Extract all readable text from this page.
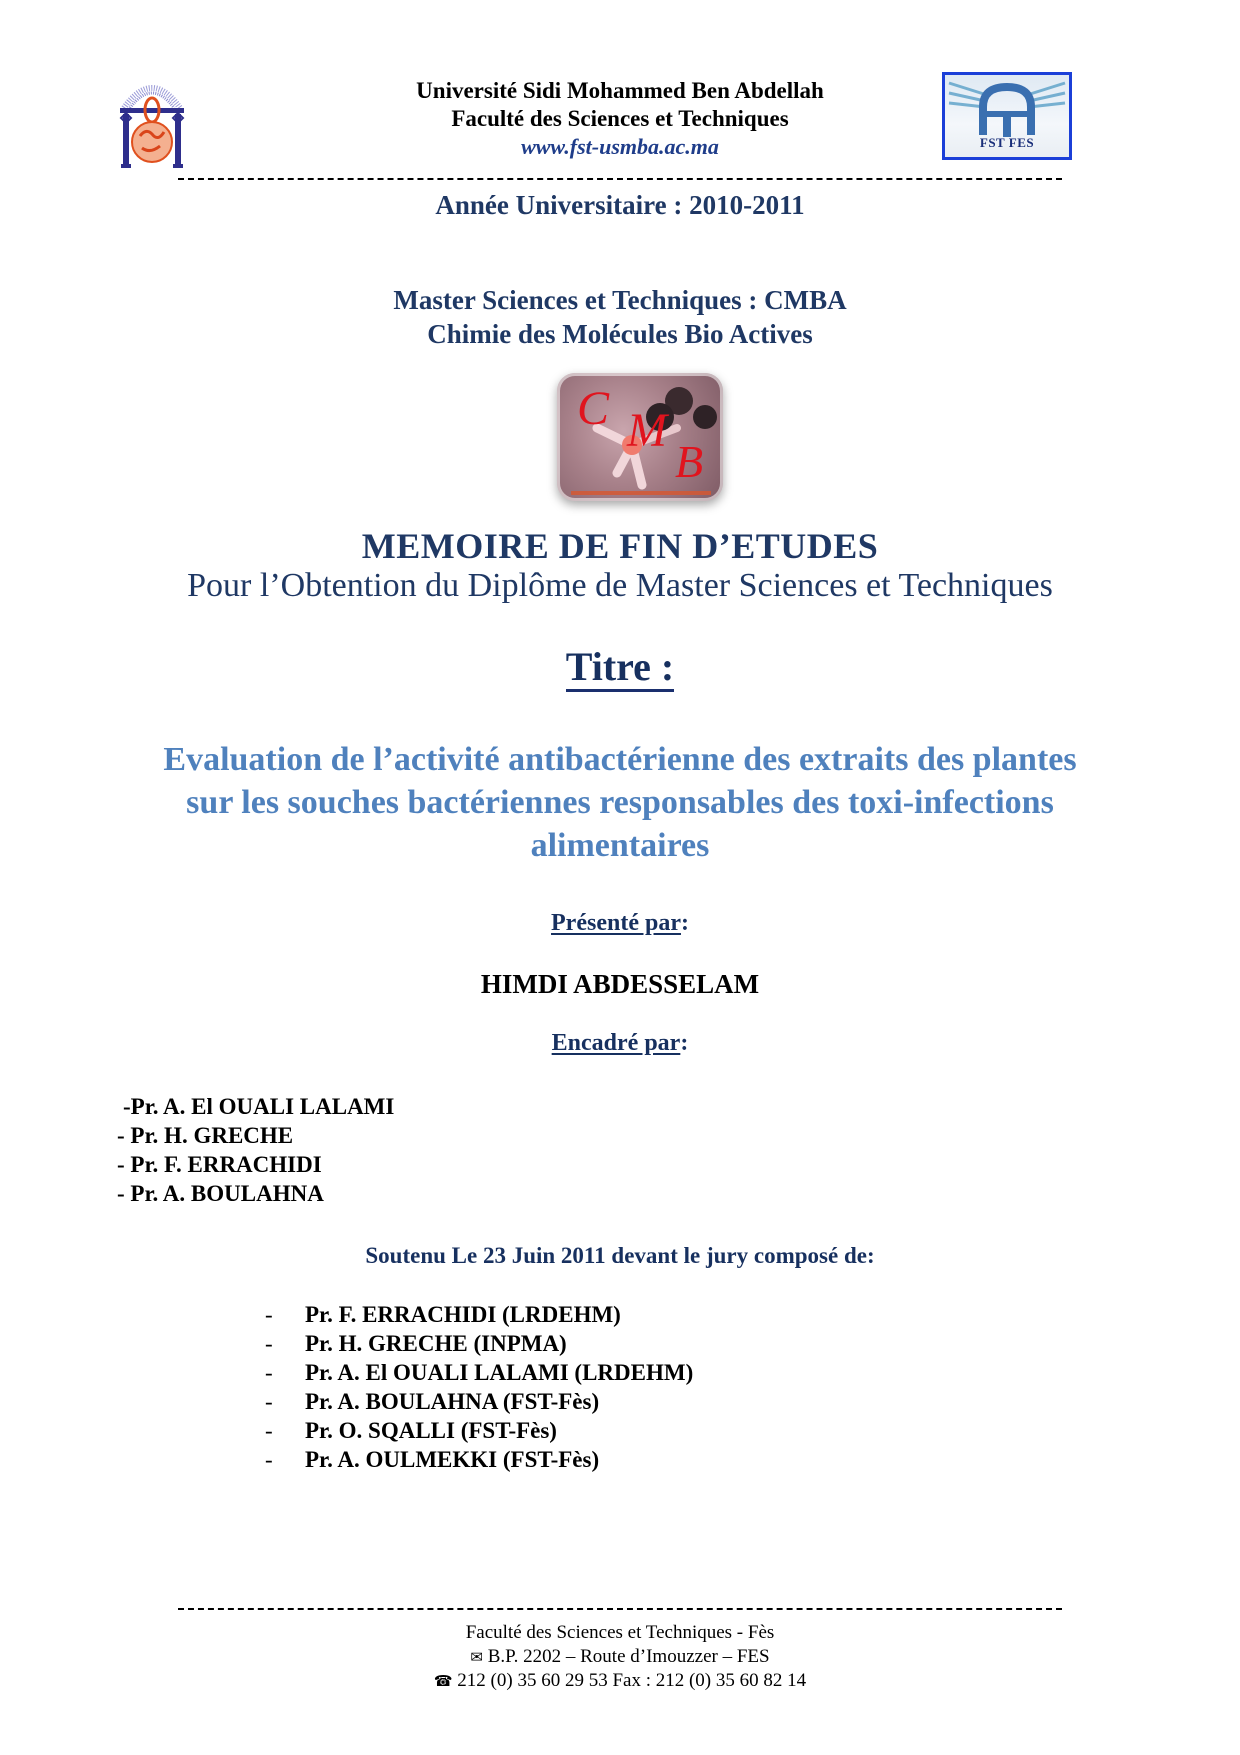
Université Sidi Mohammed Ben Abdellah
Faculté des Sciences et Techniques
www.fst-usmba.ac.ma	FST FES
Année Universitaire : 2010-2011
Master Sciences et Techniques : CMBA
Chimie des Molécules Bio Actives
C M
B
MEMOIRE DE FIN D’ETUDES
Pour l’Obtention du Diplôme de Master Sciences et Techniques
Titre :
Evaluation de l’activité antibactérienne des extraits des plantes
sur les souches bactériennes responsables des toxi-infections
alimentaires
Présenté par:
HIMDI ABDESSELAM
Encadré par:
-Pr. A. El OUALI LALAMI
- Pr. H. GRECHE
- Pr. F. ERRACHIDI
- Pr. A. BOULAHNA
Soutenu Le 23 Juin 2011 devant le jury composé de:
- Pr. F. ERRACHIDI (LRDEHM)
- Pr. H. GRECHE (INPMA)
- Pr. A. El OUALI LALAMI (LRDEHM)
- Pr. A. BOULAHNA (FST-Fès)
- Pr. O. SQALLI (FST-Fès)
- Pr. A. OULMEKKI (FST-Fès)
Faculté des Sciences et Techniques - Fès
✉ B.P. 2202 – Route d’Imouzzer – FES
☎ 212 (0) 35 60 29 53 Fax : 212 (0) 35 60 82 14
